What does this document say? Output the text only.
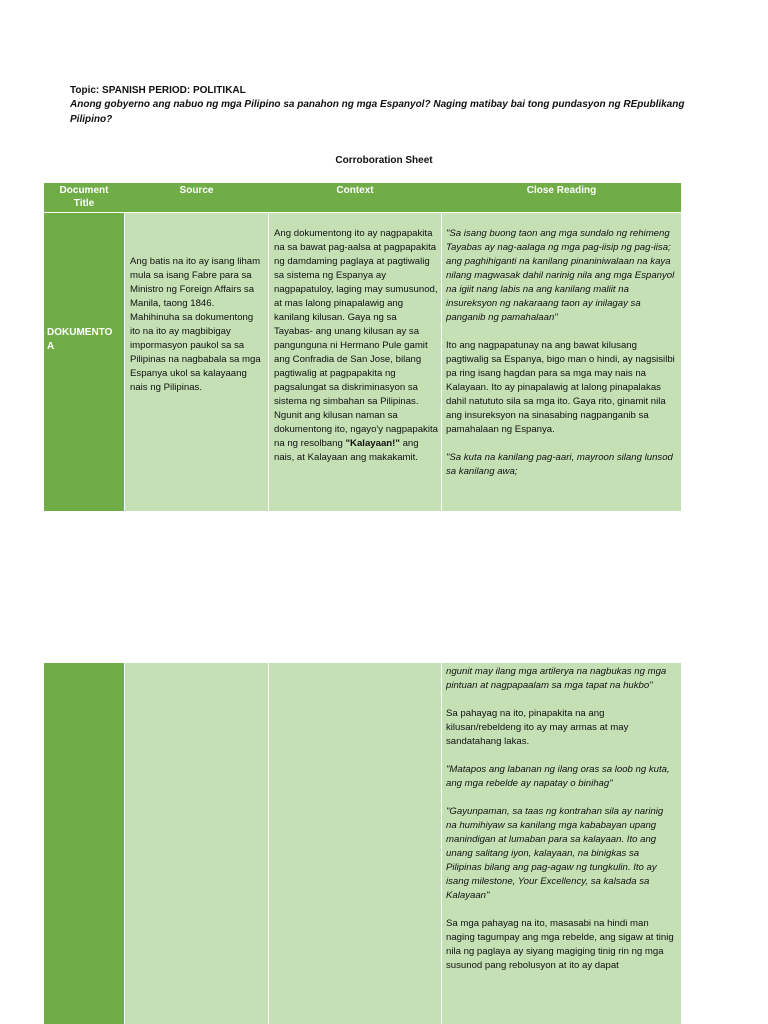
Topic: SPANISH PERIOD: POLITIKAL
Anong gobyerno ang nabuo ng mga Pilipino sa panahon ng mga Espanyol? Naging matibay bai tong pundasyon ng REpublikang Pilipino?
Corroboration Sheet
Document Title
Source	Context	Close Reading
DOKUMENTO A
Ang batis na ito ay isang liham mula sa isang Fabre para sa Ministro ng Foreign Affairs sa Manila, taong 1846. Mahihinuha sa dokumentong ito na ito ay magbibigay impormasyon paukol sa sa Pilipinas na nagbabala sa mga Espanya ukol sa kalayaang nais ng Pilipinas.
Ang dokumentong ito ay nagpapakita na sa bawat pag-aalsa at pagpapakita ng damdaming paglaya at pagtiwalig sa sistema ng Espanya ay nagpapatuloy, laging may sumusunod, at mas lalong pinapalawig ang kanilang kilusan. Gaya ng sa Tayabas- ang unang kilusan ay sa pangunguna ni Hermano Pule gamit ang Confradia de San Jose, bilang pagtiwalig at pagpapakita ng pagsalungat sa diskriminasyon sa sistema ng simbahan sa Pilipinas. Ngunit ang kilusan naman sa dokumentong ito, ngayo'y nagpapakita na ng resolbang "Kalayaan!" ang nais, at Kalayaan ang makakamit.

"Sa isang buong taon ang mga sundalo ng rehimeng Tayabas ay nag-aalaga ng mga pag-iisip ng pag-iisa; ang paghihiganti na kanilang pinaniniwalaan na kaya nilang magwasak dahil narinig nila ang mga Espanyol na igiit nang labis na ang kanilang maliit na insureksyon ng nakaraang taon ay inilagay sa panganib ng pamahalaan"

Ito ang nagpapatunay na ang bawat kilusang pagtiwalig sa Espanya, bigo man o hindi, ay nagsisilbi pa ring isang hagdan para sa mga may nais na Kalayaan. Ito ay pinapalawig at lalong pinapalakas dahil natututo sila sa mga ito. Gaya rito, ginamit nila ang insureksyon na sinasabing nagpanganib sa pamahalaan ng Espanya.

"Sa kuta na kanilang pag-aari, mayroon silang lunsod sa kanilang awa;

ngunit may ilang mga artilerya na nagbukas ng mga pintuan at nagpapaalam sa mga tapat na hukbo"

Sa pahayag na ito, pinapakita na ang kilusan/rebeldeng ito ay may armas at may sandatahang lakas.

"Matapos ang labanan ng ilang oras sa loob ng kuta, ang mga rebelde ay napatay o binihag"

"Gayunpaman, sa taas ng kontrahan sila ay narinig na humihiyaw sa kanilang mga kababayan upang manindigan at lumaban para sa kalayaan. Ito ang unang salitang iyon, kalayaan, na binigkas sa Pilipinas bilang ang pag-agaw ng tungkulin. Ito ay isang milestone, Your Excellency, sa kalsada sa Kalayaan"

Sa mga pahayag na ito, masasabi na hindi man naging tagumpay ang mga rebelde, ang sigaw at tinig nila ng paglaya ay siyang magiging tinig rin ng mga susunod pang rebolusyon at ito ay dapat
